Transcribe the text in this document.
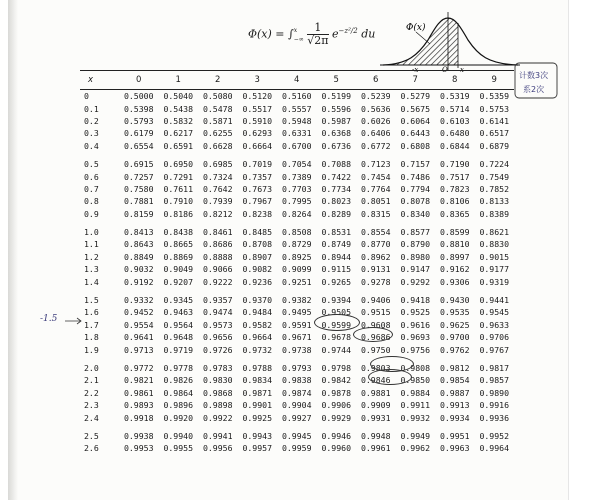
Φ(x) = ∫x
−∞ $\frac{1}{√2\pi} e^{-z^2/2}$ du	Φ(x)
O x
-x
计数3次
系2次
x	0	1	2	3	4	5	6	7	8	9
0	0.5000	0.5040	0.5080	0.5120	0.5160	0.5199	0.5239	0.5279	0.5319	0.5359
0.1	0.5398	0.5438	0.5478	0.5517	0.5557	0.5596	0.5636	0.5675	0.5714	0.5753
0.2	0.5793	0.5832	0.5871	0.5910	0.5948	0.5987	0.6026	0.6064	0.6103	0.6141
0.3	0.6179	0.6217	0.6255	0.6293	0.6331	0.6368	0.6406	0.6443	0.6480	0.6517
0.4	0.6554	0.6591	0.6628	0.6664	0.6700	0.6736	0.6772	0.6808	0.6844	0.6879

0.5	0.6915	0.6950	0.6985	0.7019	0.7054	0.7088	0.7123	0.7157	0.7190	0.7224
0.6	0.7257	0.7291	0.7324	0.7357	0.7389	0.7422	0.7454	0.7486	0.7517	0.7549
0.7	0.7580	0.7611	0.7642	0.7673	0.7703	0.7734	0.7764	0.7794	0.7823	0.7852
0.8	0.7881	0.7910	0.7939	0.7967	0.7995	0.8023	0.8051	0.8078	0.8106	0.8133
0.9	0.8159	0.8186	0.8212	0.8238	0.8264	0.8289	0.8315	0.8340	0.8365	0.8389

1.0	0.8413	0.8438	0.8461	0.8485	0.8508	0.8531	0.8554	0.8577	0.8599	0.8621
1.1	0.8643	0.8665	0.8686	0.8708	0.8729	0.8749	0.8770	0.8790	0.8810	0.8830
1.2	0.8849	0.8869	0.8888	0.8907	0.8925	0.8944	0.8962	0.8980	0.8997	0.9015
1.3	0.9032	0.9049	0.9066	0.9082	0.9099	0.9115	0.9131	0.9147	0.9162	0.9177
1.4	0.9192	0.9207	0.9222	0.9236	0.9251	0.9265	0.9278	0.9292	0.9306	0.9319

1.5	0.9332	0.9345	0.9357	0.9370	0.9382	0.9394	0.9406	0.9418	0.9430	0.9441
1.6	0.9452	0.9463	0.9474	0.9484	0.9495	0.9505	0.9515	0.9525	0.9535	0.9545
1.7	0.9554	0.9564	0.9573	0.9582	0.9591	0.9599	0.9608	0.9616	0.9625	0.9633
1.8	0.9641	0.9648	0.9656	0.9664	0.9671	0.9678	0.9686	0.9693	0.9700	0.9706
1.9	0.9713	0.9719	0.9726	0.9732	0.9738	0.9744	0.9750	0.9756	0.9762	0.9767

2.0	0.9772	0.9778	0.9783	0.9788	0.9793	0.9798	0.9803	0.9808	0.9812	0.9817
2.1	0.9821	0.9826	0.9830	0.9834	0.9838	0.9842	0.9846	0.9850	0.9854	0.9857
2.2	0.9861	0.9864	0.9868	0.9871	0.9874	0.9878	0.9881	0.9884	0.9887	0.9890
2.3	0.9893	0.9896	0.9898	0.9901	0.9904	0.9906	0.9909	0.9911	0.9913	0.9916
2.4	0.9918	0.9920	0.9922	0.9925	0.9927	0.9929	0.9931	0.9932	0.9934	0.9936

2.5	0.9938	0.9940	0.9941	0.9943	0.9945	0.9946	0.9948	0.9949	0.9951	0.9952
2.6	0.9953	0.9955	0.9956	0.9957	0.9959	0.9960	0.9961	0.9962	0.9963	0.9964
-1.5
